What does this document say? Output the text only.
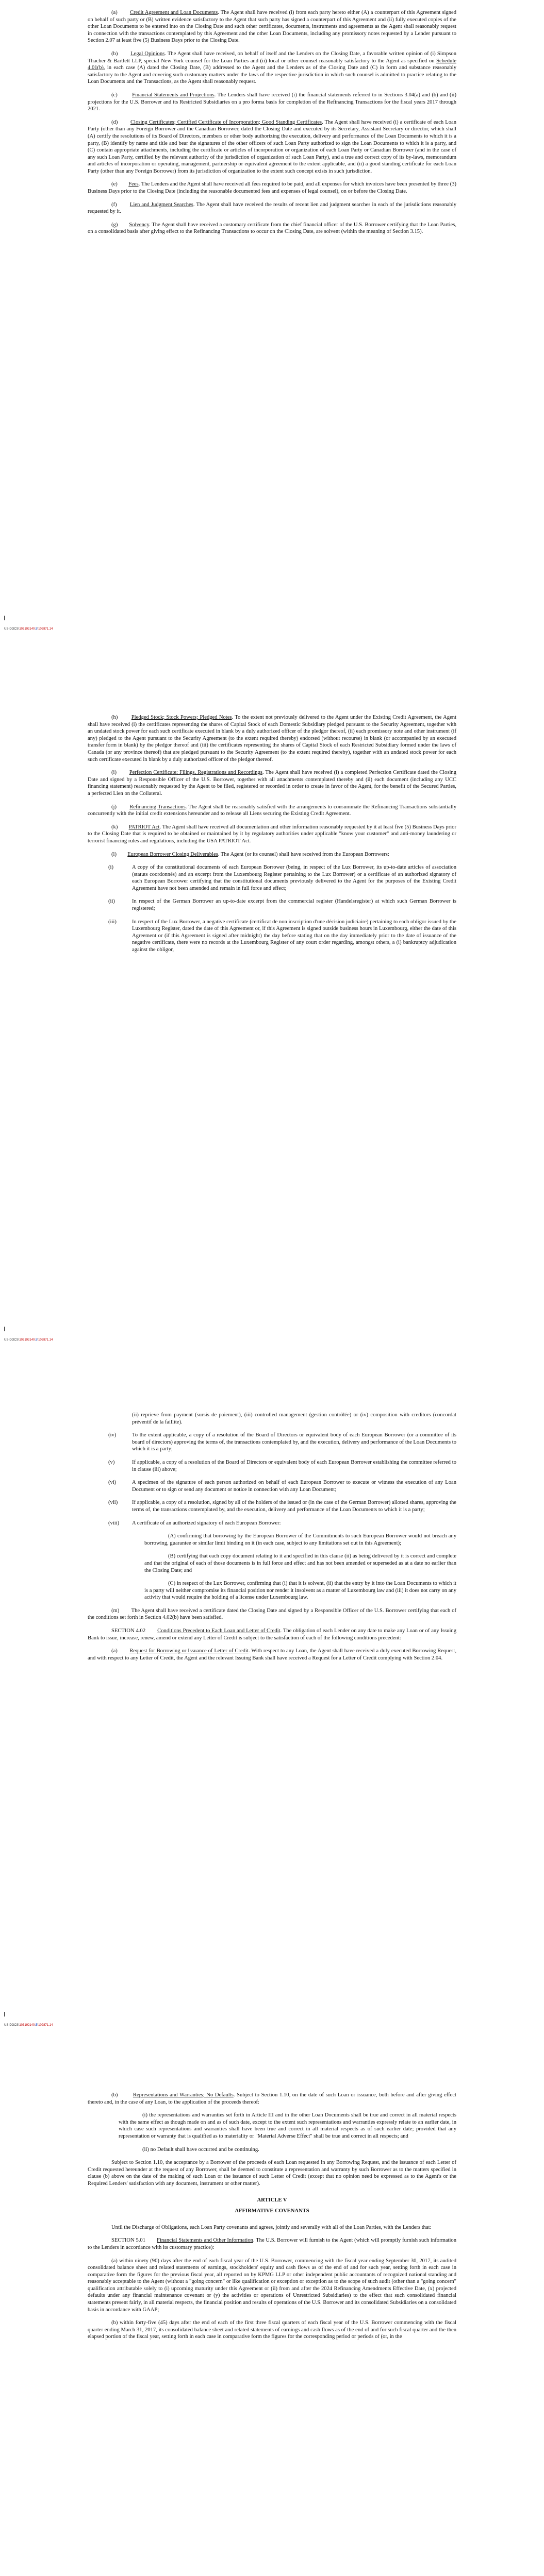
(a) Credit Agreement and Loan Documents. The Agent shall have received (i) from each party hereto either (A) a counterpart of this Agreement signed on behalf of such party or (B) written evidence satisfactory to the Agent that such party has signed a counterpart of this Agreement and (ii) fully executed copies of the other Loan Documents to be entered into on the Closing Date and such other certificates, documents, instruments and agreements as the Agent shall reasonably request in connection with the transactions contemplated by this Agreement and the other Loan Documents, including any promissory notes requested by a Lender pursuant to Section 2.07 at least five (5) Business Days prior to the Closing Date.

(b) Legal Opinions. The Agent shall have received, on behalf of itself and the Lenders on the Closing Date, a favorable written opinion of (i) Simpson Thacher & Bartlett LLP, special New York counsel for the Loan Parties and (ii) local or other counsel reasonably satisfactory to the Agent as specified on Schedule 4.01(b), in each case (A) dated the Closing Date, (B) addressed to the Agent and the Lenders as of the Closing Date and (C) in form and substance reasonably satisfactory to the Agent and covering such customary matters under the laws of the respective jurisdiction in which such counsel is admitted to practice relating to the Loan Documents and the Transactions, as the Agent shall reasonably request.

(c)	Financial Statements and Projections. The Lenders shall have received (i) the financial statements referred to in Sections 3.04(a) and (b) and (ii) projections for the U.S. Borrower and its Restricted Subsidiaries on a pro forma basis for completion of the Refinancing Transactions for the fiscal years 2017 through 2021.

(d) Closing Certificates; Certified Certificate of Incorporation; Good Standing Certificates. The Agent shall have received (i) a certificate of each Loan Party (other than any Foreign Borrower and the Canadian Borrower, dated the Closing Date and executed by its Secretary, Assistant Secretary or director, which shall (A) certify the resolutions of its Board of Directors, members or other body authorizing the execution, delivery and performance of the Loan Documents to which it is a party, (B) identify by name and title and bear the signatures of the other officers of such Loan Party authorized to sign the Loan Documents to which it is a party, and (C) contain appropriate attachments, including the certificate or articles of incorporation or organization of each Loan Party or Canadian Borrower (and in the case of any such Loan Party, certified by the relevant authority of the jurisdiction of organization of such Loan Party), and a true and correct copy of its by-laws, memorandum and articles of incorporation or operating, management, partnership or equivalent agreement to the extent applicable, and (ii) a good standing certificate for each Loan Party (other than any Foreign Borrower) from its jurisdiction of organization to the extent such concept exists in such jurisdiction.

(e) Fees. The Lenders and the Agent shall have received all fees required to be paid, and all expenses for which invoices have been presented by three (3) Business Days prior to the Closing Date (including the reasonable documented fees and expenses of legal counsel), on or before the Closing Date.

(f) Lien and Judgment Searches. The Agent shall have received the results of recent lien and judgment searches in each of the jurisdictions reasonably requested by it.

(g) Solvency. The Agent shall have received a customary certificate from the chief financial officer of the U.S. Borrower certifying that the Loan Parties, on a consolidated basis after giving effect to the Refinancing Transactions to occur on the Closing Date, are solvent (within the meaning of Section 3.15).

US-DOCS\103192140.5\102871.14

(h) Pledged Stock; Stock Powers; Pledged Notes. To the extent not previously delivered to the Agent under the Existing Credit Agreement, the Agent shall have received (i) the certificates representing the shares of Capital Stock of each Domestic Subsidiary pledged pursuant to the Security Agreement, together with an undated stock power for each such certificate executed in blank by a duly authorized officer of the pledgor thereof, (ii) each promissory note and other instrument (if any) pledged to the Agent pursuant to the Security Agreement (to the extent required thereby) endorsed (without recourse) in blank (or accompanied by an executed transfer form in blank) by the pledgor thereof and (iii) the certificates representing the shares of Capital Stock of each Restricted Subsidiary formed under the laws of Canada (or any province thereof) that are pledged pursuant to the Security Agreement (to the extent required thereby), together with an undated stock power for each such certificate executed in blank by a duly authorized officer of the pledgor thereof.

(i) Perfection Certificate; Filings, Registrations and Recordings. The Agent shall have received (i) a completed Perfection Certificate dated the Closing Date and signed by a Responsible Officer of the U.S. Borrower, together with all attachments contemplated thereby and (ii) each document (including any UCC financing statement) reasonably requested by the Agent to be filed, registered or recorded in order to create in favor of the Agent, for the benefit of the Secured Parties, a perfected Lien on the Collateral.

(j) Refinancing Transactions. The Agent shall be reasonably satisfied with the arrangements to consummate the Refinancing Transactions substantially concurrently with the initial credit extensions hereunder and to release all Liens securing the Existing Credit Agreement.

(k) PATRIOT Act. The Agent shall have received all documentation and other information reasonably requested by it at least five (5) Business Days prior to the Closing Date that is required to be obtained or maintained by it by regulatory authorities under applicable "know your customer" and anti-money laundering or terrorist financing rules and regulations, including the USA PATRIOT Act.

(l) European Borrower Closing Deliverables. The Agent (or its counsel) shall have received from the European Borrowers:

(i)	A copy of the constitutional documents of each European Borrower (being, in respect of the Lux Borrower, its up-to-date articles of association (statuts coordonnés) and an excerpt from the Luxembourg Register pertaining to the Lux Borrower) or a certificate of an authorized signatory of each European Borrower certifying that the constitutional documents previously delivered to the Agent for the purposes of the Existing Credit Agreement have not been amended and remain in full force and effect;
(ii)	In respect of the German Borrower an up-to-date excerpt from the commercial register (Handelsregister) at which such German Borrower is registered;
(iii)	In respect of the Lux Borrower, a negative certificate (certificat de non inscription d'une décision judiciaire) pertaining to each obligor issued by the Luxembourg Register, dated the date of this Agreement or, if this Agreement is signed outside business hours in Luxembourg, either the date of this Agreement or (if this Agreement is signed after midnight) the day before stating that on the day immediately prior to the date of issuance of the negative certificate, there were no records at the Luxembourg Register of any court order regarding, amongst others, a (i) bankruptcy adjudication against the obligor,
US-DOCS\103192140.5\102871.14

(ii) reprieve from payment (sursis de paiement), (iii) controlled management (gestion contrôlée) or (iv) composition with creditors (concordat préventif de la faillite).

(iv)	To the extent applicable, a copy of a resolution of the Board of Directors or equivalent body of each European Borrower (or a committee of its board of directors) approving the terms of, the transactions contemplated by, and the execution, delivery and performance of the Loan Documents to which it is a party;
(v)	If applicable, a copy of a resolution of the Board of Directors or equivalent body of each European Borrower establishing the committee referred to in clause (iii) above;
(vi)	A specimen of the signature of each person authorized on behalf of each European Borrower to execute or witness the execution of any Loan Document or to sign or send any document or notice in connection with any Loan Document;
(vii)	If applicable, a copy of a resolution, signed by all of the holders of the issued or (in the case of the German Borrower) allotted shares, approving the terms of, the transactions contemplated by, and the execution, delivery and performance of the Loan Documents to which it is a party;
(viii)	A certificate of an authorized signatory of each European Borrower:

(A) confirming that borrowing by the European Borrower of the Commitments to such European Borrower would not breach any borrowing, guarantee or similar limit binding on it (in each case, subject to any limitations set out in this Agreement);

(B) certifying that each copy document relating to it and specified in this clause (ii) as being delivered by it is correct and complete and that the original of each of those documents is in full force and effect and has not been amended or superseded as at a date no earlier than the Closing Date; and

(C) in respect of the Lux Borrower, confirming that (i) that it is solvent, (ii) that the entry by it into the Loan Documents to which it is a party will neither compromise its financial position nor render it insolvent as a matter of Luxembourg law and (iii) it does not carry on any activity that would require the holding of a license under Luxembourg law.

(m) The Agent shall have received a certificate dated the Closing Date and signed by a Responsible Officer of the U.S. Borrower certifying that each of the conditions set forth in Section 4.02(b) have been satisfied.

SECTION 4.02 Conditions Precedent to Each Loan and Letter of Credit. The obligation of each Lender on any date to make any Loan or of any Issuing Bank to issue, increase, renew, amend or extend any Letter of Credit is subject to the satisfaction of each of the following conditions precedent:

(a) Request for Borrowing or Issuance of Letter of Credit. With respect to any Loan, the Agent shall have received a duly executed Borrowing Request, and with respect to any Letter of Credit, the Agent and the relevant Issuing Bank shall have received a Request for a Letter of Credit complying with Section 2.04.

US-DOCS\103192140.5\102871.14

(b)	Representations and Warranties; No Defaults. Subject to Section 1.10, on the date of such Loan or issuance, both before and after giving effect thereto and, in the case of any Loan, to the application of the proceeds thereof:

(i) the representations and warranties set forth in Article III and in the other Loan Documents shall be true and correct in all material respects with the same effect as though made on and as of such date, except to the extent such representations and warranties expressly relate to an earlier date, in which case such representations and warranties shall have been true and correct in all material respects as of such earlier date; provided that any representation or warranty that is qualified as to materiality or "Material Adverse Effect" shall be true and correct in all respects; and

(ii) no Default shall have occurred and be continuing.

Subject to Section 1.10, the acceptance by a Borrower of the proceeds of each Loan requested in any Borrowing Request, and the issuance of each Letter of Credit requested hereunder at the request of any Borrower, shall be deemed to constitute a representation and warranty by such Borrower as to the matters specified in clause (b) above on the date of the making of such Loan or the issuance of such Letter of Credit (except that no opinion need be expressed as to the Agent's or the Required Lenders' satisfaction with any document, instrument or other matter).

ARTICLE V

AFFIRMATIVE COVENANTS

Until the Discharge of Obligations, each Loan Party covenants and agrees, jointly and severally with all of the Loan Parties, with the Lenders that:

SECTION 5.01 Financial Statements and Other Information. The U.S. Borrower will furnish to the Agent (which will promptly furnish such information to the Lenders in accordance with its customary practice):

(a) within ninety (90) days after the end of each fiscal year of the U.S. Borrower, commencing with the fiscal year ending September 30, 2017, its audited consolidated balance sheet and related statements of earnings, stockholders' equity and cash flows as of the end of and for such year, setting forth in each case in comparative form the figures for the previous fiscal year, all reported on by KPMG LLP or other independent public accountants of recognized national standing and reasonably acceptable to the Agent (without a "going concern" or like qualification or exception or exception as to the scope of such audit (other than a "going concern" qualification attributable solely to (i) upcoming maturity under this Agreement or (ii) from and after the 2024 Refinancing Amendments Effective Date, (x) projected defaults under any financial maintenance covenant or (y) the activities or operations of Unrestricted Subsidiaries) to the effect that such consolidated financial statements present fairly, in all material respects, the financial position and results of operations of the U.S. Borrower and its consolidated Subsidiaries on a consolidated basis in accordance with GAAP;

(b) within forty-five (45) days after the end of each of the first three fiscal quarters of each fiscal year of the U.S. Borrower commencing with the fiscal quarter ending March 31, 2017, its consolidated balance sheet and related statements of earnings and cash flows as of the end of and for such fiscal quarter and the then elapsed portion of the fiscal year, setting forth in each case in comparative form the figures for the corresponding period or periods of (or, in the
